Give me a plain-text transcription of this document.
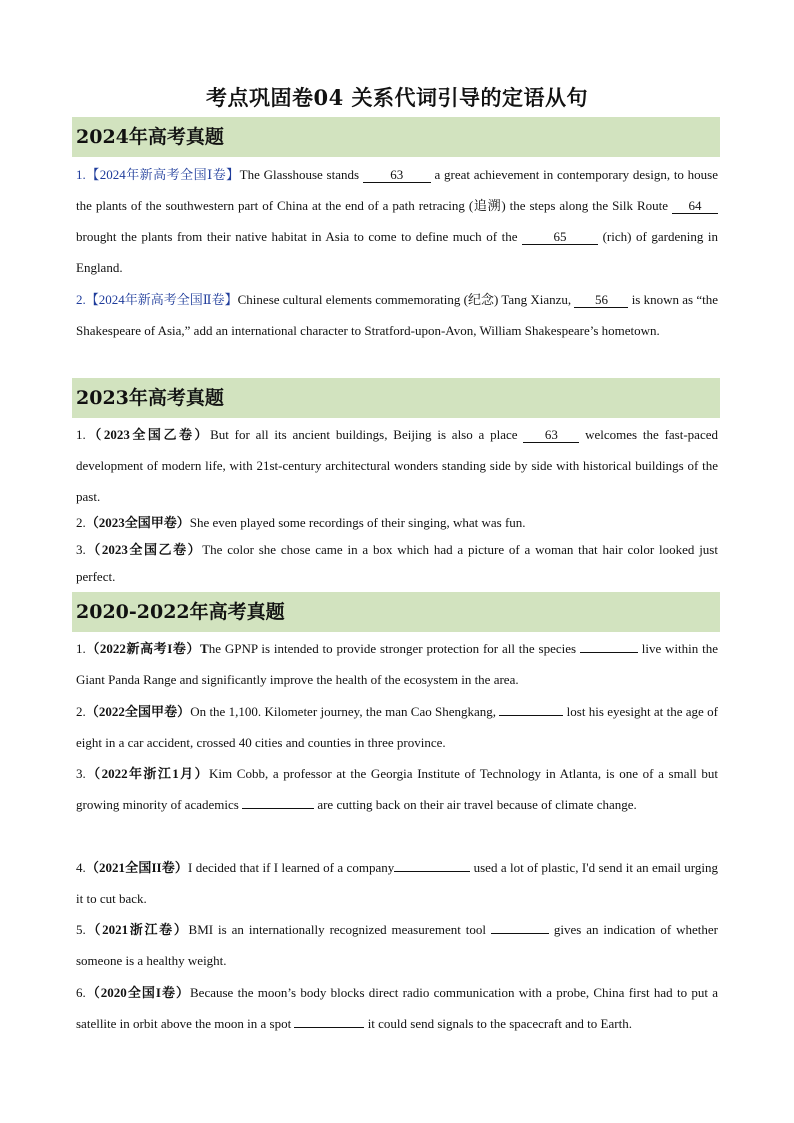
考点巩固卷04 关系代词引导的定语从句
2024年高考真题

1.【2024年新高考全国Ⅰ卷】The Glasshouse stands 63 a great achievement in contemporary design, to house the plants of the southwestern part of China at the end of a path retracing (追溯) the steps along the Silk Route 64 brought the plants from their native habitat in Asia to come to define much of the 65 (rich) of gardening in England.

2.【2024年新高考全国Ⅱ卷】Chinese cultural elements commemorating (纪念) Tang Xianzu, 56 is known as “the Shakespeare of Asia,” add an international character to Stratford-upon-Avon, William Shakespeare’s hometown.

2023年高考真题

1.（2023全国乙卷）But for all its ancient buildings, Beijing is also a place 63 welcomes the fast-paced development of modern life, with 21st-century architectural wonders standing side by side with historical buildings of the past.

2.（2023全国甲卷）She even played some recordings of their singing, what was fun.

3.（2023全国乙卷）The color she chose came in a box which had a picture of a woman that hair color looked just perfect.

2020-2022年高考真题

1.（2022新高考I卷）The GPNP is intended to provide stronger protection for all the species	live within the Giant Panda Range and significantly improve the health of the ecosystem in the area.

2.（2022全国甲卷）On the 1,100. Kilometer journey, the man Cao Shengkang,	lost his eyesight at the age of eight in a car accident, crossed 40 cities and counties in three province.

3.（2022年浙江1月）Kim Cobb, a professor at the Georgia Institute of Technology in Atlanta, is one of a small but growing minority of academics	are cutting back on their air travel because of climate change.

4.（2021全国II卷）I decided that if I learned of a company	used a lot of plastic, I'd send it an email urging it to cut back.

5.（2021浙江卷）BMI is an internationally recognized measurement tool	gives an indication of whether someone is a healthy weight.

6.（2020全国I卷）Because the moon’s body blocks direct radio communication with a probe, China first had to put a satellite in orbit above the moon in a spot	it could send signals to the spacecraft and to Earth.
